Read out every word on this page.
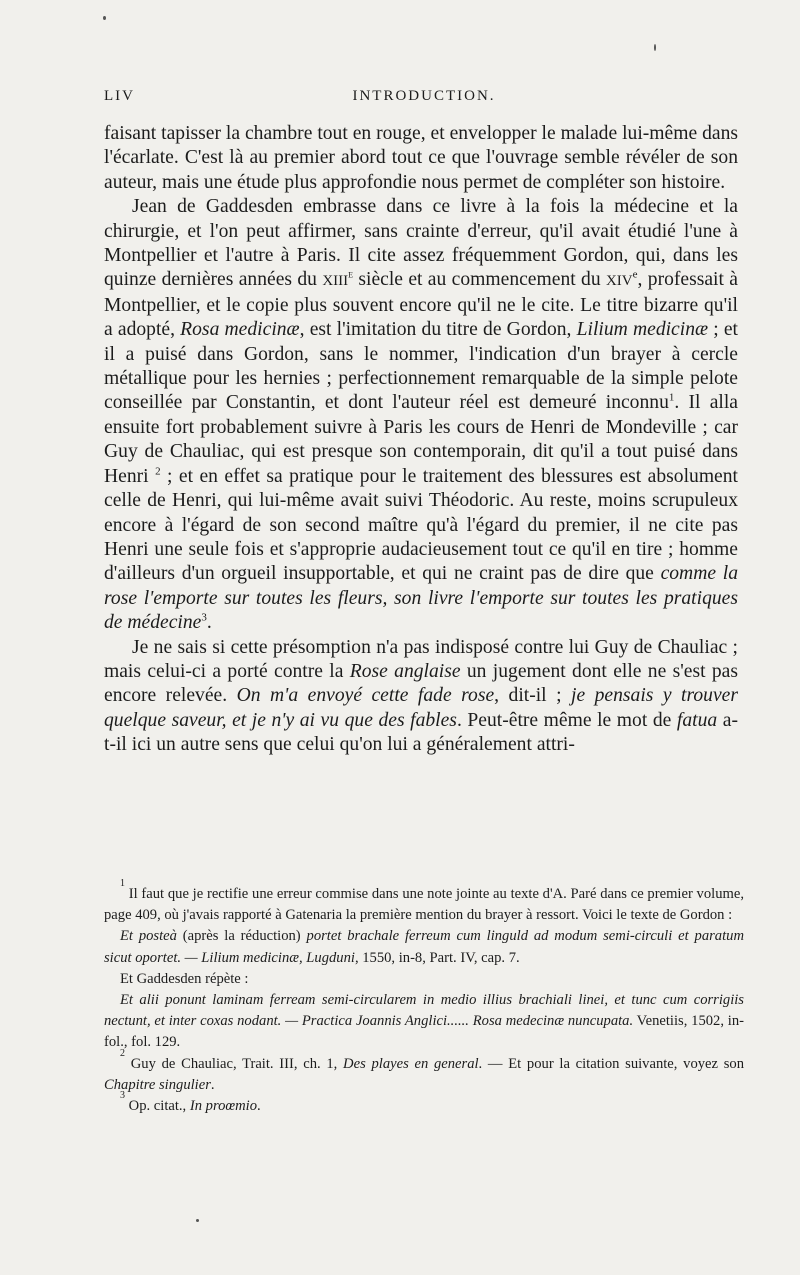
LIV	INTRODUCTION.

faisant tapisser la chambre tout en rouge, et envelopper le malade lui-même dans l'écarlate. C'est là au premier abord tout ce que l'ouvrage semble révéler de son auteur, mais une étude plus approfondie nous permet de compléter son histoire.

Jean de Gaddesden embrasse dans ce livre à la fois la médecine et la chirurgie, et l'on peut affirmer, sans crainte d'erreur, qu'il avait étudié l'une à Montpellier et l'autre à Paris. Il cite assez fréquemment Gordon, qui, dans les quinze dernières années du XIIIe siècle et au commencement du XIVe, professait à Montpellier, et le copie plus souvent encore qu'il ne le cite. Le titre bizarre qu'il a adopté, Rosa medicinæ, est l'imitation du titre de Gordon, Lilium medicinæ ; et il a puisé dans Gordon, sans le nommer, l'indication d'un brayer à cercle métallique pour les hernies ; perfectionnement remarquable de la simple pelote conseillée par Constantin, et dont l'auteur réel est demeuré inconnu$^1$. Il alla ensuite fort probablement suivre à Paris les cours de Henri de Mondeville ; car Guy de Chauliac, qui est presque son contemporain, dit qu'il a tout puisé dans Henri $^2$ ; et en effet sa pratique pour le traitement des blessures est absolument celle de Henri, qui lui-même avait suivi Théodoric. Au reste, moins scrupuleux encore à l'égard de son second maître qu'à l'égard du premier, il ne cite pas Henri une seule fois et s'approprie audacieusement tout ce qu'il en tire ; homme d'ailleurs d'un orgueil insupportable, et qui ne craint pas de dire que comme la rose l'emporte sur toutes les fleurs, son livre l'emporte sur toutes les pratiques de médecine$^3$.

Je ne sais si cette présomption n'a pas indisposé contre lui Guy de Chauliac ; mais celui-ci a porté contre la Rose anglaise un jugement dont elle ne s'est pas encore relevée. On m'a envoyé cette fade rose, dit-il ; je pensais y trouver quelque saveur, et je n'y ai vu que des fables. Peut-être même le mot de fatua a-t-il ici un autre sens que celui qu'on lui a généralement attri-

$^1$ Il faut que je rectifie une erreur commise dans une note jointe au texte d'A. Paré dans ce premier volume, page 409, où j'avais rapporté à Gatenaria la première mention du brayer à ressort. Voici le texte de Gordon :

Et posteà (après la réduction) portet brachale ferreum cum linguld ad modum semi-circuli et paratum sicut oportet. — Lilium medicinæ, Lugduni, 1550, in-8, Part. IV, cap. 7.

Et Gaddesden répète :

Et alii ponunt laminam ferream semi-circularem in medio illius brachiali linei, et tunc cum corrigiis nectunt, et inter coxas nodant. — Practica Joannis Anglici...... Rosa medecinæ nuncupata. Venetiis, 1502, in-fol., fol. 129.

$^2$ Guy de Chauliac, Trait. III, ch. 1, Des playes en general. — Et pour la citation suivante, voyez son Chapitre singulier.

$^3$ Op. citat., In proœmio.
